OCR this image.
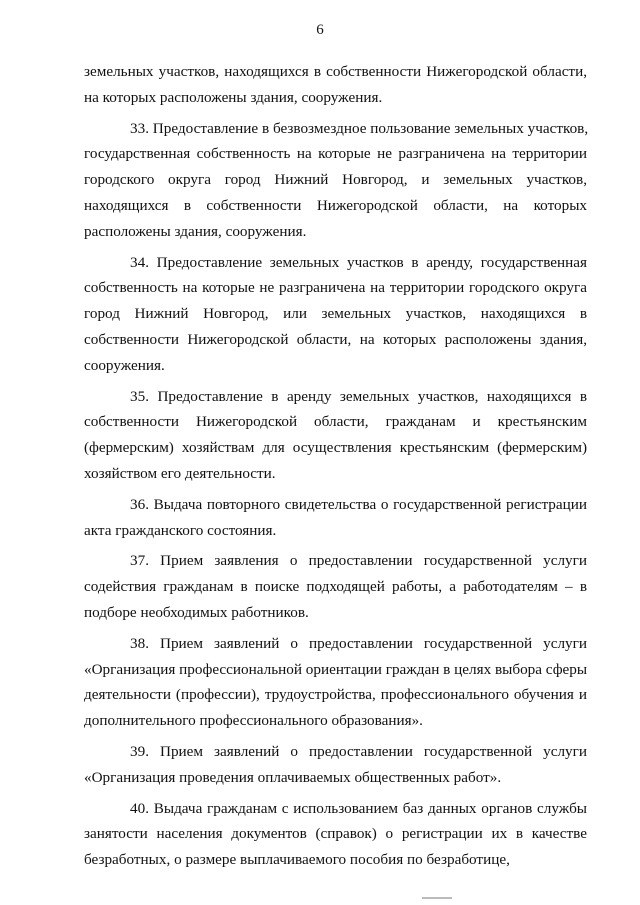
6
земельных участков, находящихся в собственности Нижегородской области,
на которых расположены здания, сооружения.
33. Предоставление в безвозмездное пользование земельных участков,
государственная собственность на которые не разграничена на территории
городского округа город Нижний Новгород, и земельных участков,
находящихся в собственности Нижегородской области, на которых
расположены здания, сооружения.
34. Предоставление земельных участков в аренду, государственная
собственность на которые не разграничена на территории городского округа
город Нижний Новгород, или земельных участков, находящихся в
собственности Нижегородской области, на которых расположены здания,
сооружения.
35. Предоставление в аренду земельных участков, находящихся в
собственности Нижегородской области, гражданам и крестьянским
(фермерским) хозяйствам для осуществления крестьянским (фермерским)
хозяйством его деятельности.
36. Выдача повторного свидетельства о государственной регистрации
акта гражданского состояния.
37. Прием заявления о предоставлении государственной услуги
содействия гражданам в поиске подходящей работы, а работодателям – в
подборе необходимых работников.
38. Прием заявлений о предоставлении государственной услуги
«Организация профессиональной ориентации граждан в целях выбора сферы
деятельности (профессии), трудоустройства, профессионального обучения и
дополнительного профессионального образования».
39. Прием заявлений о предоставлении государственной услуги
«Организация проведения оплачиваемых общественных работ».
40. Выдача гражданам с использованием баз данных органов службы
занятости населения документов (справок) о регистрации их в качестве
безработных, о размере выплачиваемого пособия по безработице,
